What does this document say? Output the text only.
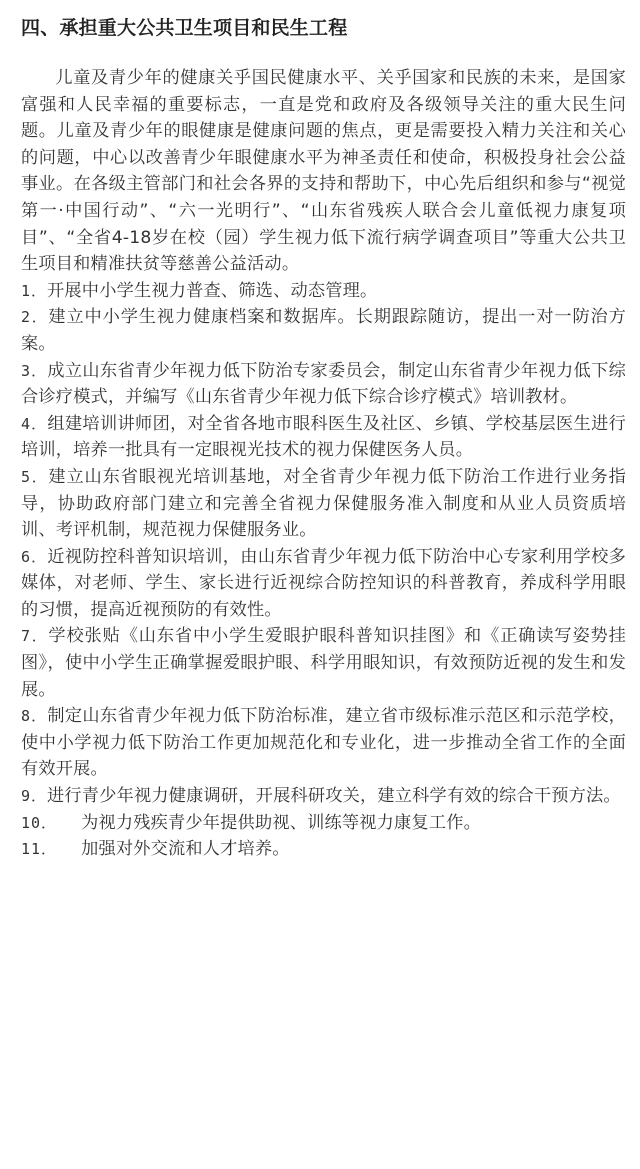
四、承担重大公共卫生项目和民生工程

儿童及青少年的健康关乎国民健康水平、关乎国家和民族的未来，是国家富强和人民幸福的重要标志，一直是党和政府及各级领导关注的重大民生问题。儿童及青少年的眼健康是健康问题的焦点，更是需要投入精力关注和关心的问题，中心以改善青少年眼健康水平为神圣责任和使命，积极投身社会公益事业。在各级主管部门和社会各界的支持和帮助下，中心先后组织和参与“视觉第一·中国行动”、“六一光明行”、“山东省残疾人联合会儿童低视力康复项目”、“全省4-18岁在校（园）学生视力低下流行病学调查项目”等重大公共卫生项目和精准扶贫等慈善公益活动。

1．开展中小学生视力普查、筛选、动态管理。
2．建立中小学生视力健康档案和数据库。长期跟踪随访，提出一对一防治方案。
3．成立山东省青少年视力低下防治专家委员会，制定山东省青少年视力低下综合诊疗模式，并编写《山东省青少年视力低下综合诊疗模式》培训教材。
4．组建培训讲师团，对全省各地市眼科医生及社区、乡镇、学校基层医生进行培训，培养一批具有一定眼视光技术的视力保健医务人员。
5．建立山东省眼视光培训基地，对全省青少年视力低下防治工作进行业务指导，协助政府部门建立和完善全省视力保健服务准入制度和从业人员资质培训、考评机制，规范视力保健服务业。
6．近视防控科普知识培训，由山东省青少年视力低下防治中心专家利用学校多媒体，对老师、学生、家长进行近视综合防控知识的科普教育，养成科学用眼的习惯，提高近视预防的有效性。
7．学校张贴《山东省中小学生爱眼护眼科普知识挂图》和《正确读写姿势挂图》，使中小学生正确掌握爱眼护眼、科学用眼知识，有效预防近视的发生和发展。
8．制定山东省青少年视力低下防治标准，建立省市级标准示范区和示范学校，使中小学视力低下防治工作更加规范化和专业化，进一步推动全省工作的全面有效开展。
9．进行青少年视力健康调研，开展科研攻关，建立科学有效的综合干预方法。
10． 为视力残疾青少年提供助视、训练等视力康复工作。
11． 加强对外交流和人才培养。
